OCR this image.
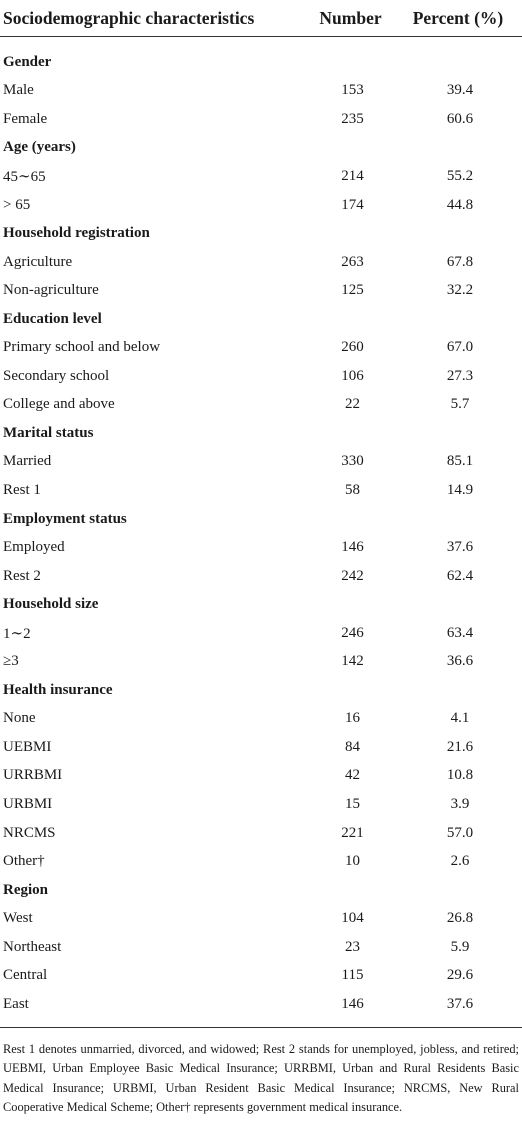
Sociodemographic characteristics	Number	Percent (%)
Gender
Male	153	39.4
Female	235	60.6
Age (years)
45∼65	214	55.2
> 65	174	44.8
Household registration
Agriculture	263	67.8
Non-agriculture	125	32.2
Education level
Primary school and below	260	67.0
Secondary school	106	27.3
College and above	22	5.7
Marital status
Married	330	85.1
Rest 1	58	14.9
Employment status
Employed	146	37.6
Rest 2	242	62.4
Household size
1∼2	246	63.4
≥3	142	36.6
Health insurance
None	16	4.1
UEBMI	84	21.6
URRBMI	42	10.8
URBMI	15	3.9
NRCMS	221	57.0
Other†	10	2.6
Region
West	104	26.8
Northeast	23	5.9
Central	115	29.6
East	146	37.6
Rest 1 denotes unmarried, divorced, and widowed; Rest 2 stands for unemployed, jobless, and retired; UEBMI, Urban Employee Basic Medical Insurance; URRBMI, Urban and Rural Residents Basic Medical Insurance; URBMI, Urban Resident Basic Medical Insurance; NRCMS, New Rural Cooperative Medical Scheme; Other† represents government medical insurance.
